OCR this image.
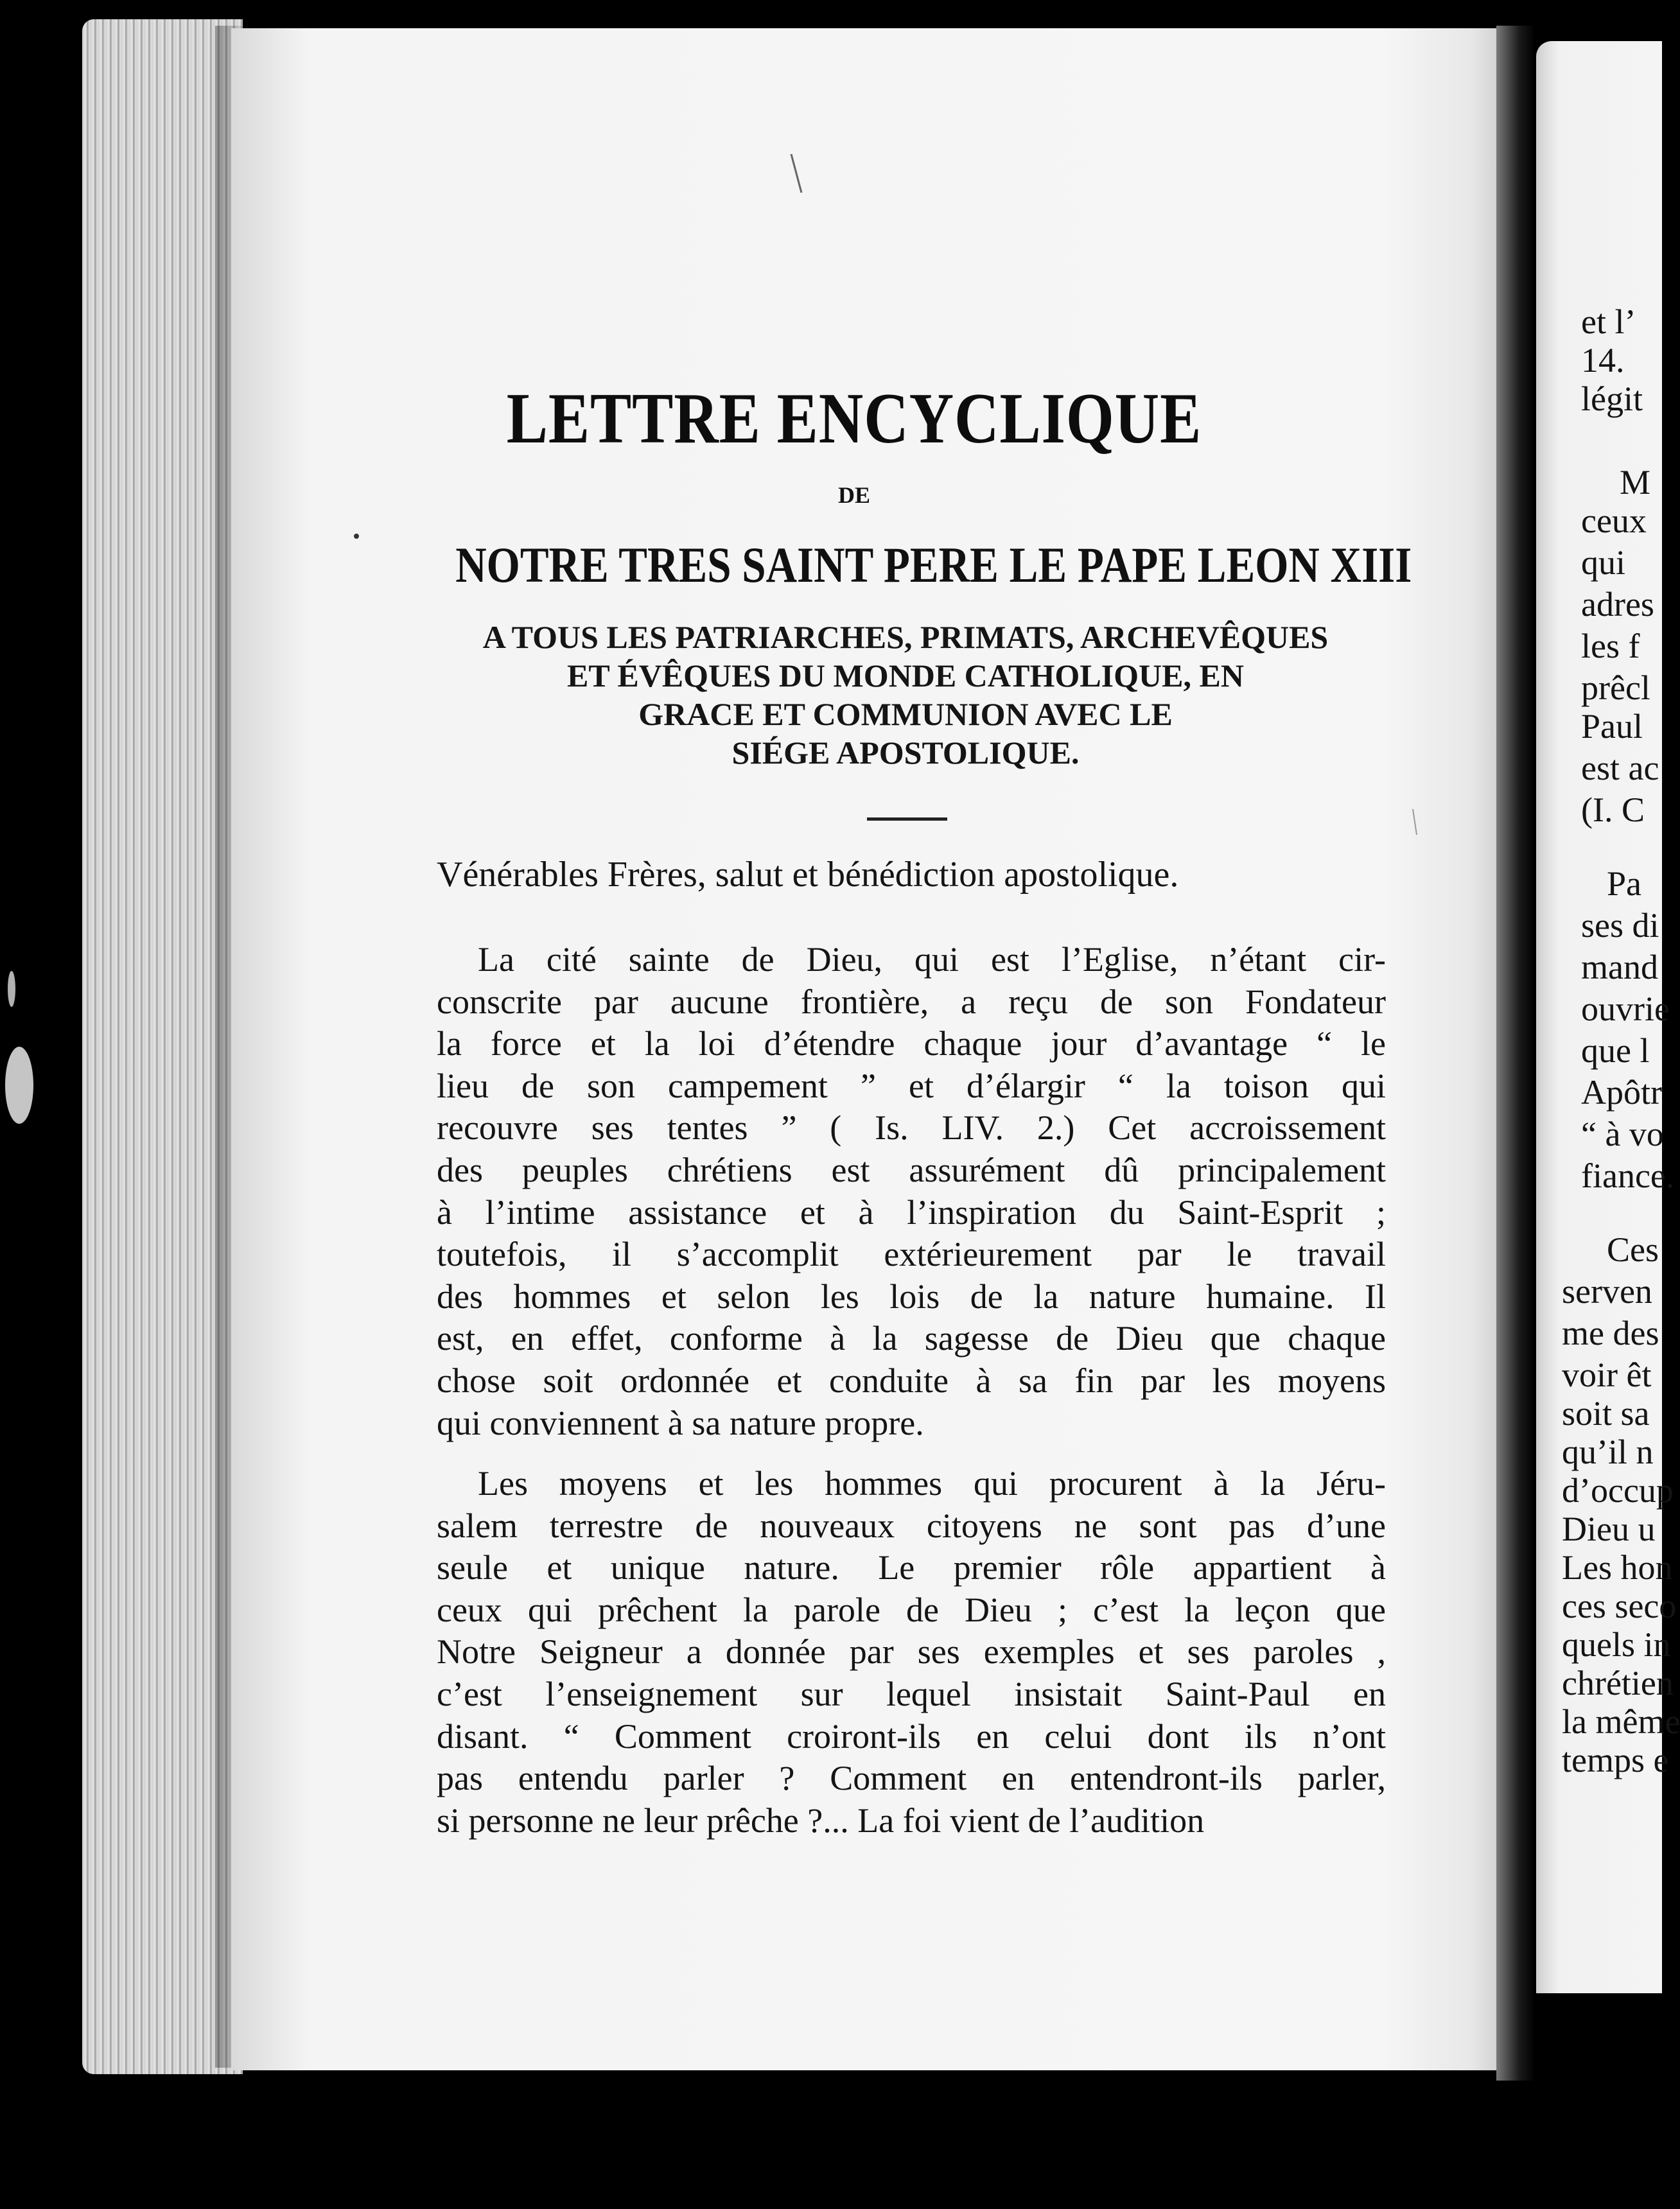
LETTRE ENCYCLIQUE
DE
NOTRE TRES SAINT PERE LE PAPE LEON XIII
A TOUS LES PATRIARCHES, PRIMATS, ARCHEVÊQUES
ET ÉVÊQUES DU MONDE CATHOLIQUE, EN
GRACE ET COMMUNION AVEC LE
SIÉGE APOSTOLIQUE.
Vénérables Frères, salut et bénédiction apostolique.
La cité sainte de Dieu, qui est l’Eglise, n’étant cir-
conscrite par aucune frontière, a reçu de son Fondateur
la force et la loi d’étendre chaque jour d’avantage “ le
lieu de son campement ” et d’élargir “ la toison qui
recouvre ses tentes ” ( Is. LIV. 2.) Cet accroissement
des peuples chrétiens est assurément dû principalement
à l’intime assistance et à l’inspiration du Saint-Esprit ;
toutefois, il s’accomplit extérieurement par le travail
des hommes et selon les lois de la nature humaine. Il
est, en effet, conforme à la sagesse de Dieu que chaque
chose soit ordonnée et conduite à sa fin par les moyens
qui conviennent à sa nature propre.
Les moyens et les hommes qui procurent à la Jéru-
salem terrestre de nouveaux citoyens ne sont pas d’une
seule et unique nature. Le premier rôle appartient à
ceux qui prêchent la parole de Dieu ; c’est la leçon que
Notre Seigneur a donnée par ses exemples et ses paroles ,
c’est l’enseignement sur lequel insistait Saint-Paul en
disant. “ Comment croiront-ils en celui dont ils n’ont
pas entendu parler ? Comment en entendront-ils parler,
si personne ne leur prêche ?... La foi vient de l’audition
et l’
14.
légit
M
ceux
qui
adres
les f
prêcl
Paul
est ac
(I. C
Pa
ses di
mand
ouvrie
que l
Apôtr
“ à vo
fiance.
Ces
serven
me des
voir êt
soit sa
qu’il n
d’occup
Dieu u
Les hon
ces seco
quels in
chrétien
la même
temps e
